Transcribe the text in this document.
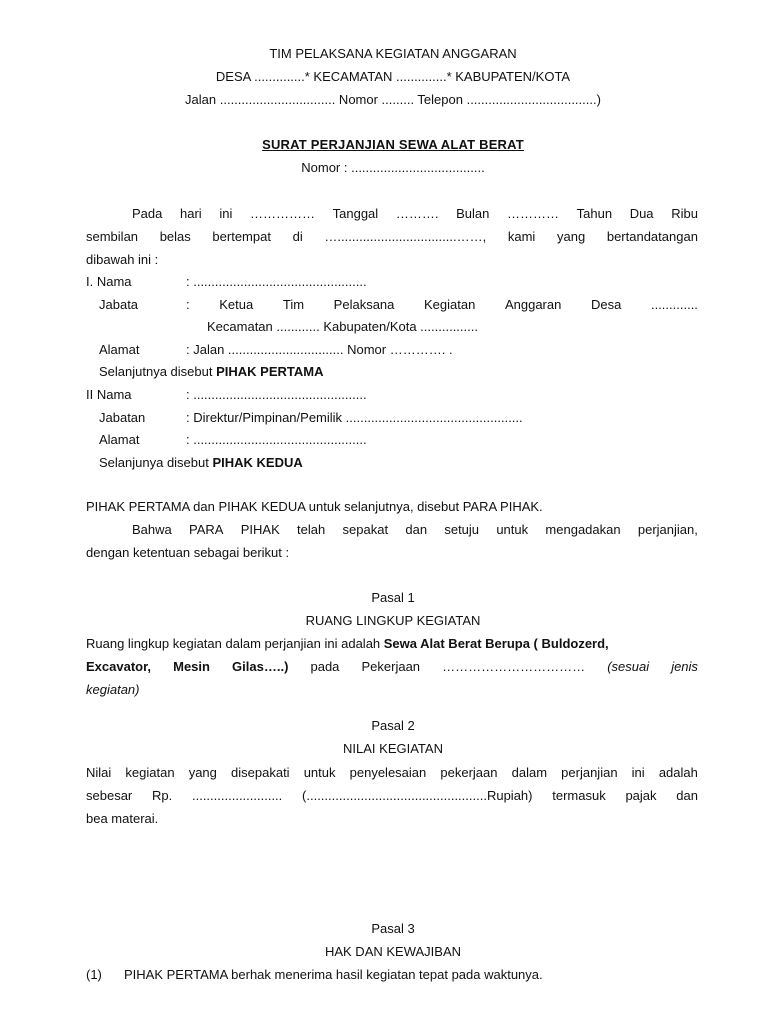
TIM PELAKSANA KEGIATAN ANGGARAN
DESA ..............* KECAMATAN ..............* KABUPATEN/KOTA
Jalan ................................ Nomor ......... Telepon ....................................)
SURAT PERJANJIAN SEWA ALAT BERAT
Nomor : .....................................
Pada hari ini …………… Tanggal ………. Bulan ………… Tahun Dua Ribu
sembilan belas bertempat di ….................................……, kami yang bertandatangan
dibawah ini :
I. Nama	: ................................................
Jabata	: Ketua Tim Pelaksana Kegiatan Anggaran Desa .............
Kecamatan ............ Kabupaten/Kota ................
Alamat	: Jalan ................................ Nomor …………. .
Selanjutnya disebut PIHAK PERTAMA
II Nama	: ................................................
Jabatan	: Direktur/Pimpinan/Pemilik .................................................
Alamat	: ................................................
Selanjunya disebut PIHAK KEDUA
PIHAK PERTAMA dan PIHAK KEDUA untuk selanjutnya, disebut PARA PIHAK.
Bahwa PARA PIHAK telah sepakat dan setuju untuk mengadakan perjanjian,
dengan ketentuan sebagai berikut :
Pasal 1
RUANG LINGKUP KEGIATAN
Ruang lingkup kegiatan dalam perjanjian ini adalah Sewa Alat Berat Berupa ( Buldozerd,
Excavator, Mesin Gilas…..) pada Pekerjaan …………………………… (sesuai jenis
kegiatan)
Pasal 2
NILAI KEGIATAN
Nilai kegiatan yang disepakati untuk penyelesaian pekerjaan dalam perjanjian ini adalah
sebesar Rp. ......................... (..................................................Rupiah) termasuk pajak dan
bea materai.
Pasal 3
HAK DAN KEWAJIBAN
(1) PIHAK PERTAMA berhak menerima hasil kegiatan tepat pada waktunya.
